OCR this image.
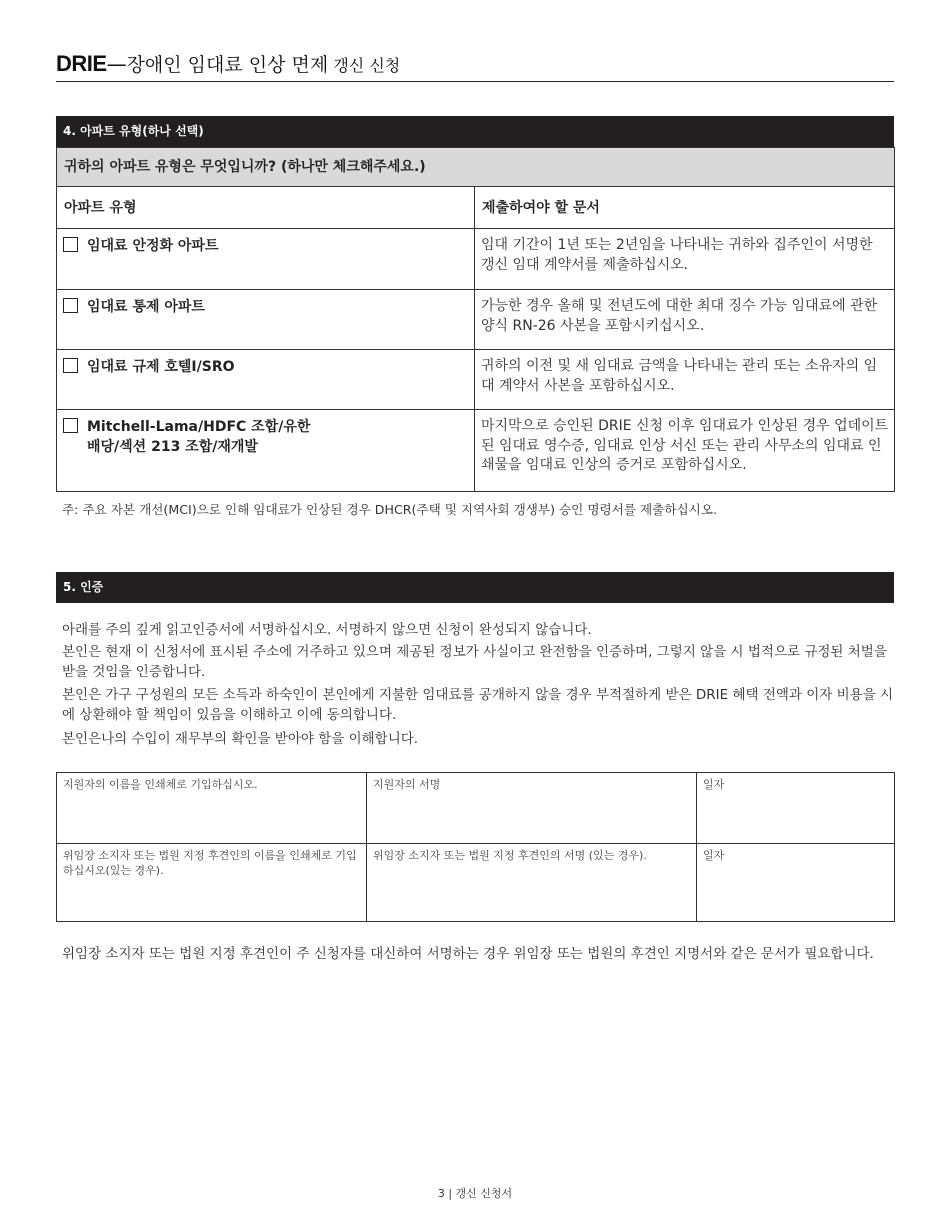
DRIE—장애인 임대료 인상 면제 갱신 신청
4. 아파트 유형(하나 선택)
귀하의 아파트 유형은 무엇입니까? (하나만 체크해주세요.)	
아파트 유형	제출하여야 할 문서
임대료 안정화 아파트	임대 기간이 1년 또는 2년임을 나타내는 귀하와 집주인이 서명한 갱신 임대 계약서를 제출하십시오.
임대료 통제 아파트	가능한 경우 올해 및 전년도에 대한 최대 징수 가능 임대료에 관한 양식 RN-26 사본을 포함시키십시오.
임대료 규제 호텔I/SRO	귀하의 이전 및 새 임대료 금액을 나타내는 관리 또는 소유자의 임대 계약서 사본을 포함하십시오.
Mitchell-Lama/HDFC 조합/유한
배당/섹션 213 조합/재개발	마지막으로 승인된 DRIE 신청 이후 임대료가 인상된 경우 업데이트된 임대료 영수증, 임대료 인상 서신 또는 관리 사무소의 임대료 인쇄물을 임대료 인상의 증거로 포함하십시오.
주: 주요 자본 개선(MCI)으로 인해 임대료가 인상된 경우 DHCR(주택 및 지역사회 갱생부) 승인 명령서를 제출하십시오.
5. 인증
아래를 주의 깊게 읽고인증서에 서명하십시오. 서명하지 않으면 신청이 완성되지 않습니다.
본인은 현재 이 신청서에 표시된 주소에 거주하고 있으며 제공된 정보가 사실이고 완전함을 인증하며, 그렇지 않을 시 법적으로 규정된 처벌을 받을 것임을 인증합니다.
본인은 가구 구성원의 모든 소득과 하숙인이 본인에게 지불한 임대료를 공개하지 않을 경우 부적절하게 받은 DRIE 혜택 전액과 이자 비용을 시에 상환해야 할 책임이 있음을 이해하고 이에 동의합니다.
본인은나의 수입이 재무부의 확인을 받아야 함을 이해합니다.
지원자의 이름을 인쇄체로 기입하십시오.	지원자의 서명	일자
위임장 소지자 또는 법원 지정 후견인의 이름을 인쇄체로 기입하십시오(있는 경우).	위임장 소지자 또는 법원 지정 후견인의 서명 (있는 경우).	일자
위임장 소지자 또는 법원 지정 후견인이 주 신청자를 대신하여 서명하는 경우 위임장 또는 법원의 후견인 지명서와 같은 문서가 필요합니다.
3 | 갱신 신청서
